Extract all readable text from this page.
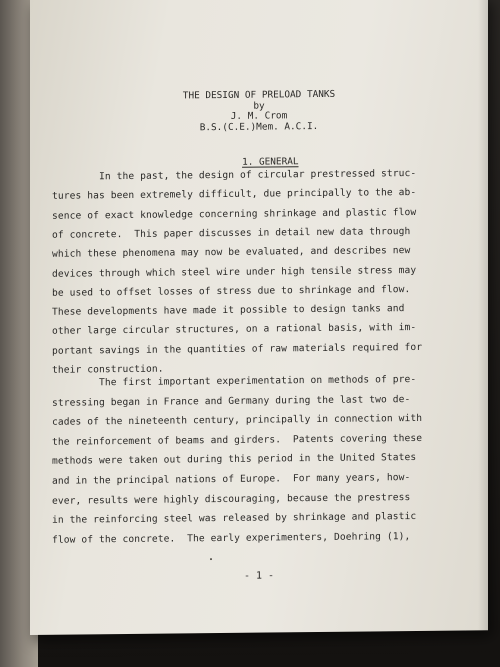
THE DESIGN OF PRELOAD TANKS
by
J. M. Crom
B.S.(C.E.)Mem. A.C.I.

1. GENERAL

In the past, the design of circular prestressed struc-
tures has been extremely difficult, due principally to the ab-
sence of exact knowledge concerning shrinkage and plastic flow
of concrete.  This paper discusses in detail new data through
which these phenomena may now be evaluated, and describes new
devices through which steel wire under high tensile stress may
be used to offset losses of stress due to shrinkage and flow.
These developments have made it possible to design tanks and
other large circular structures, on a rational basis, with im-
portant savings in the quantities of raw materials required for
their construction.
The first important experimentation on methods of pre-
stressing began in France and Germany during the last two de-
cades of the nineteenth century, principally in connection with
the reinforcement of beams and girders.  Patents covering these
methods were taken out during this period in the United States
and in the principal nations of Europe.  For many years, how-
ever, results were highly discouraging, because the prestress
in the reinforcing steel was released by shrinkage and plastic
flow of the concrete.  The early experimenters, Doehring (1),
- 1 -
